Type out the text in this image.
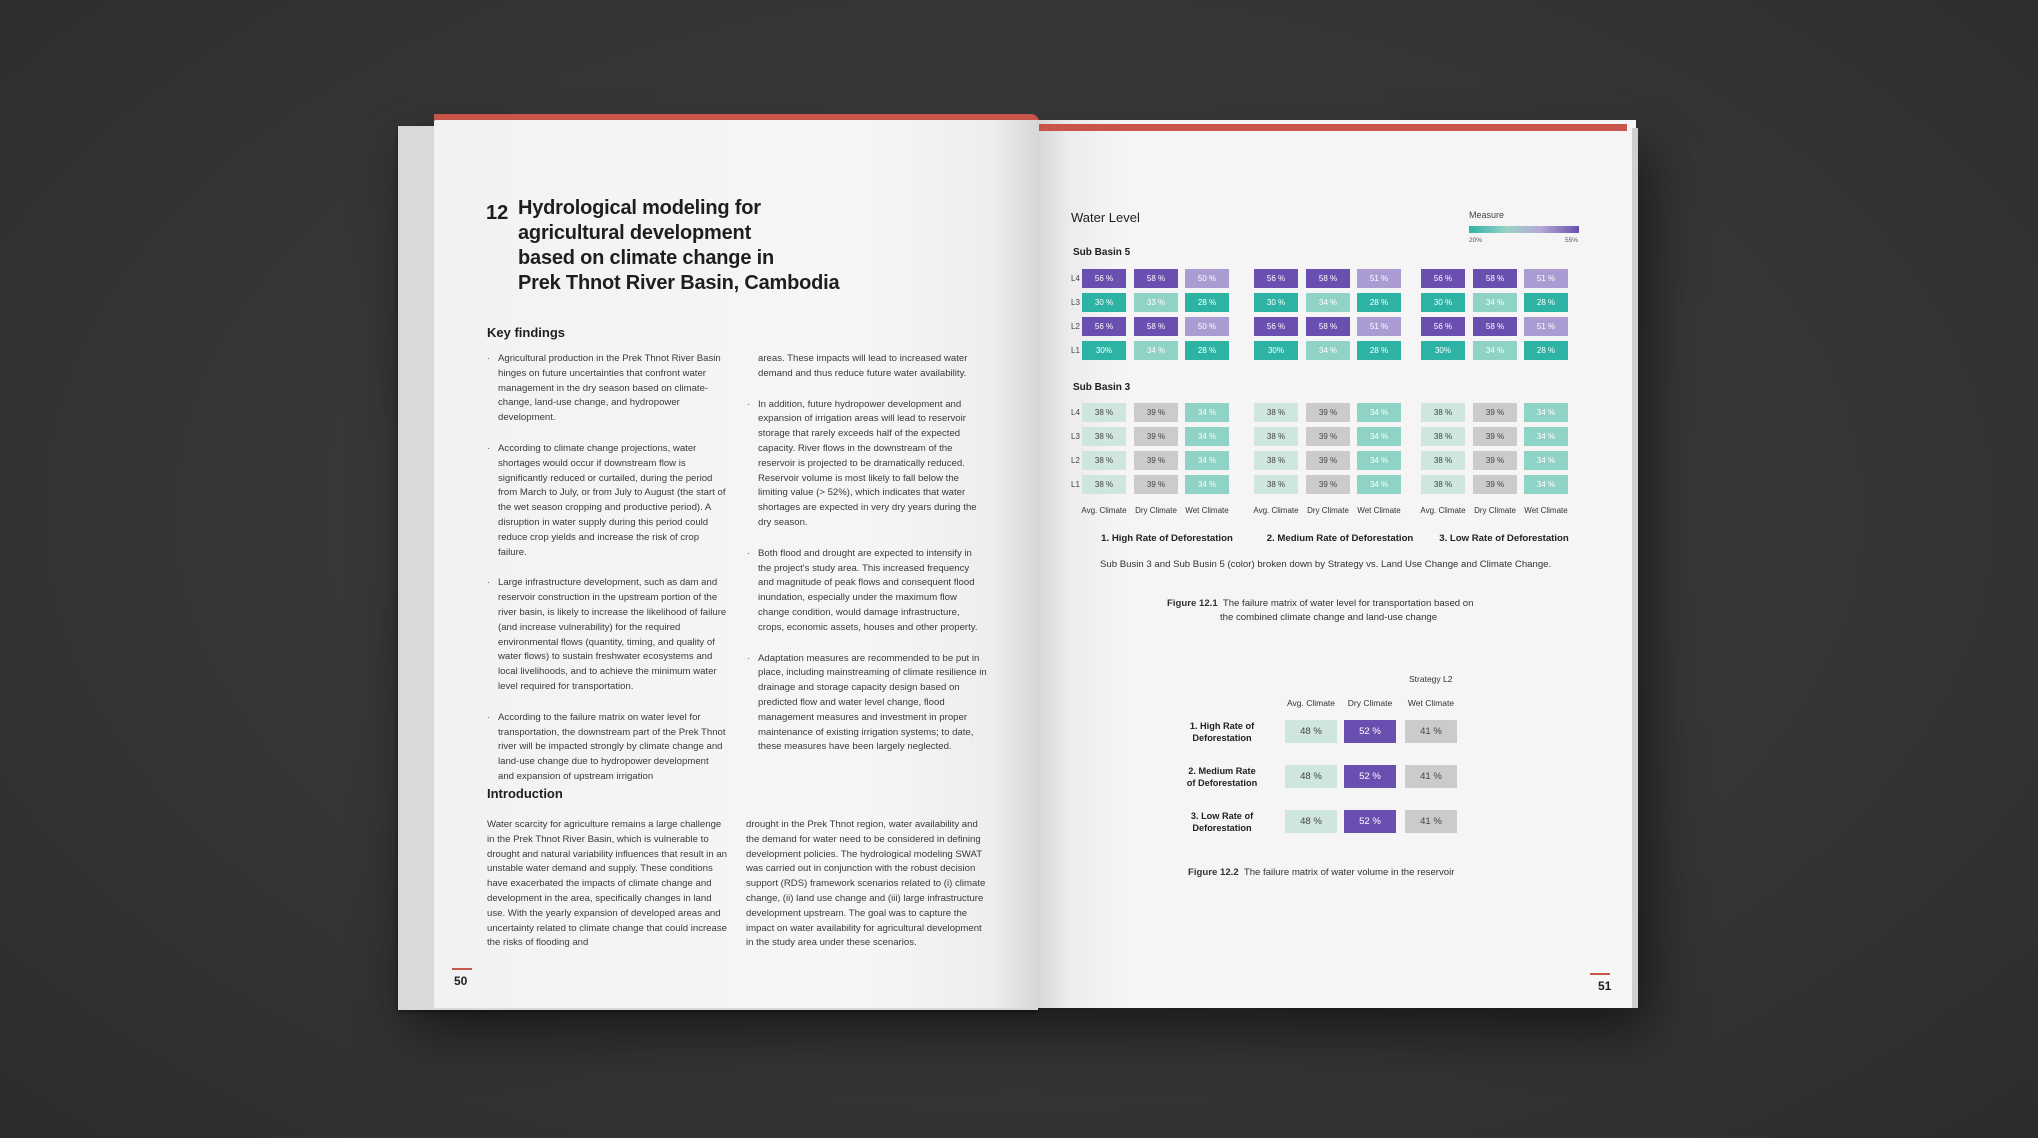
12 Hydrological modeling for
agricultural development
based on climate change in
Prek Thnot River Basin, Cambodia
Key findings
· Agricultural production in the Prek Thnot River Basin hinges on future uncertainties that confront water management in the dry season based on climate-change, land-use change, and hydropower development.
· According to climate change projections, water shortages would occur if downstream flow is significantly reduced or curtailed, during the period from March to July, or from July to August (the start of the wet season cropping and productive period). A disruption in water supply during this period could reduce crop yields and increase the risk of crop failure.
· Large infrastructure development, such as dam and reservoir construction in the upstream portion of the river basin, is likely to increase the likelihood of failure (and increase vulnerability) for the required environmental flows (quantity, timing, and quality of water flows) to sustain freshwater ecosystems and local livelihoods, and to achieve the minimum water level required for transportation.
· According to the failure matrix on water level for transportation, the downstream part of the Prek Thnot river will be impacted strongly by climate change and land-use change due to hydropower development and expansion of upstream irrigation
areas. These impacts will lead to increased water demand and thus reduce future water availability.
· In addition, future hydropower development and expansion of irrigation areas will lead to reservoir storage that rarely exceeds half of the expected capacity. River flows in the downstream of the reservoir is projected to be dramatically reduced. Reservoir volume is most likely to fall below the limiting value (> 52%), which indicates that water shortages are expected in very dry years during the dry season.
· Both flood and drought are expected to intensify in the project's study area. This increased frequency and magnitude of peak flows and consequent flood inundation, especially under the maximum flow change condition, would damage infrastructure, crops, economic assets, houses and other property.
· Adaptation measures are recommended to be put in place, including mainstreaming of climate resilience in drainage and storage capacity design based on predicted flow and water level change, flood management measures and investment in proper maintenance of existing irrigation systems; to date, these measures have been largely neglected.
Introduction
Water scarcity for agriculture remains a large challenge in the Prek Thnot River Basin, which is vulnerable to drought and natural variability influences that result in an unstable water demand and supply. These conditions have exacerbated the impacts of climate change and development in the area, specifically changes in land use. With the yearly expansion of developed areas and uncertainty related to climate change that could increase the risks of flooding and
drought in the Prek Thnot region, water availability and the demand for water need to be considered in defining development policies. The hydrological modeling SWAT was carried out in conjunction with the robust decision support (RDS) framework scenarios related to (i) climate change, (ii) land use change and (iii) large infrastructure development upstream. The goal was to capture the impact on water availability for agricultural development in the study area under these scenarios.
50
Water Level	Measure
20%	55%
Sub Basin 5
L4	56 %	58 %	50 %	56 %	58 %	51 %	56 %	58 %	51 %
L3	30 %	33 %	28 %	30 %	34 %	28 %	30 %	34 %	28 %
L2	56 %	58 %	50 %	56 %	58 %	51 %	56 %	58 %	51 %
L1	30%	34 %	28 %	30%	34 %	28 %	30%	34 %	28 %
Sub Basin 3
L4	38 %	39 %	34 %	38 %	39 %	34 %	38 %	39 %	34 %
L3	38 %	39 %	34 %	38 %	39 %	34 %	38 %	39 %	34 %
L2	38 %	39 %	34 %	38 %	39 %	34 %	38 %	39 %	34 %
L1	38 %	39 %	34 %	38 %	39 %	34 %	38 %	39 %	34 %
Avg. Climate	Dry Climate	Wet Climate	Avg. Climate	Dry Climate	Wet Climate	Avg. Climate	Dry Climate	Wet Climate
1. High Rate of Deforestation	2. Medium Rate of Deforestation	3. Low Rate of Deforestation
Sub Busin 3 and Sub Busin 5 (color) broken down by Strategy vs. Land Use Change and Climate Change.
Figure 12.1 The failure matrix of water level for transportation based on
the combined climate change and land-use change
Strategy L2
Avg. Climate	Dry Climate	Wet Climate
1. High Rate of
Deforestation
48 %	52 %	41 %
2. Medium Rate
of Deforestation
48 %	52 %	41 %
3. Low Rate of
Deforestation
48 %	52 %	41 %
Figure 12.2 The failure matrix of water volume in the reservoir
51
